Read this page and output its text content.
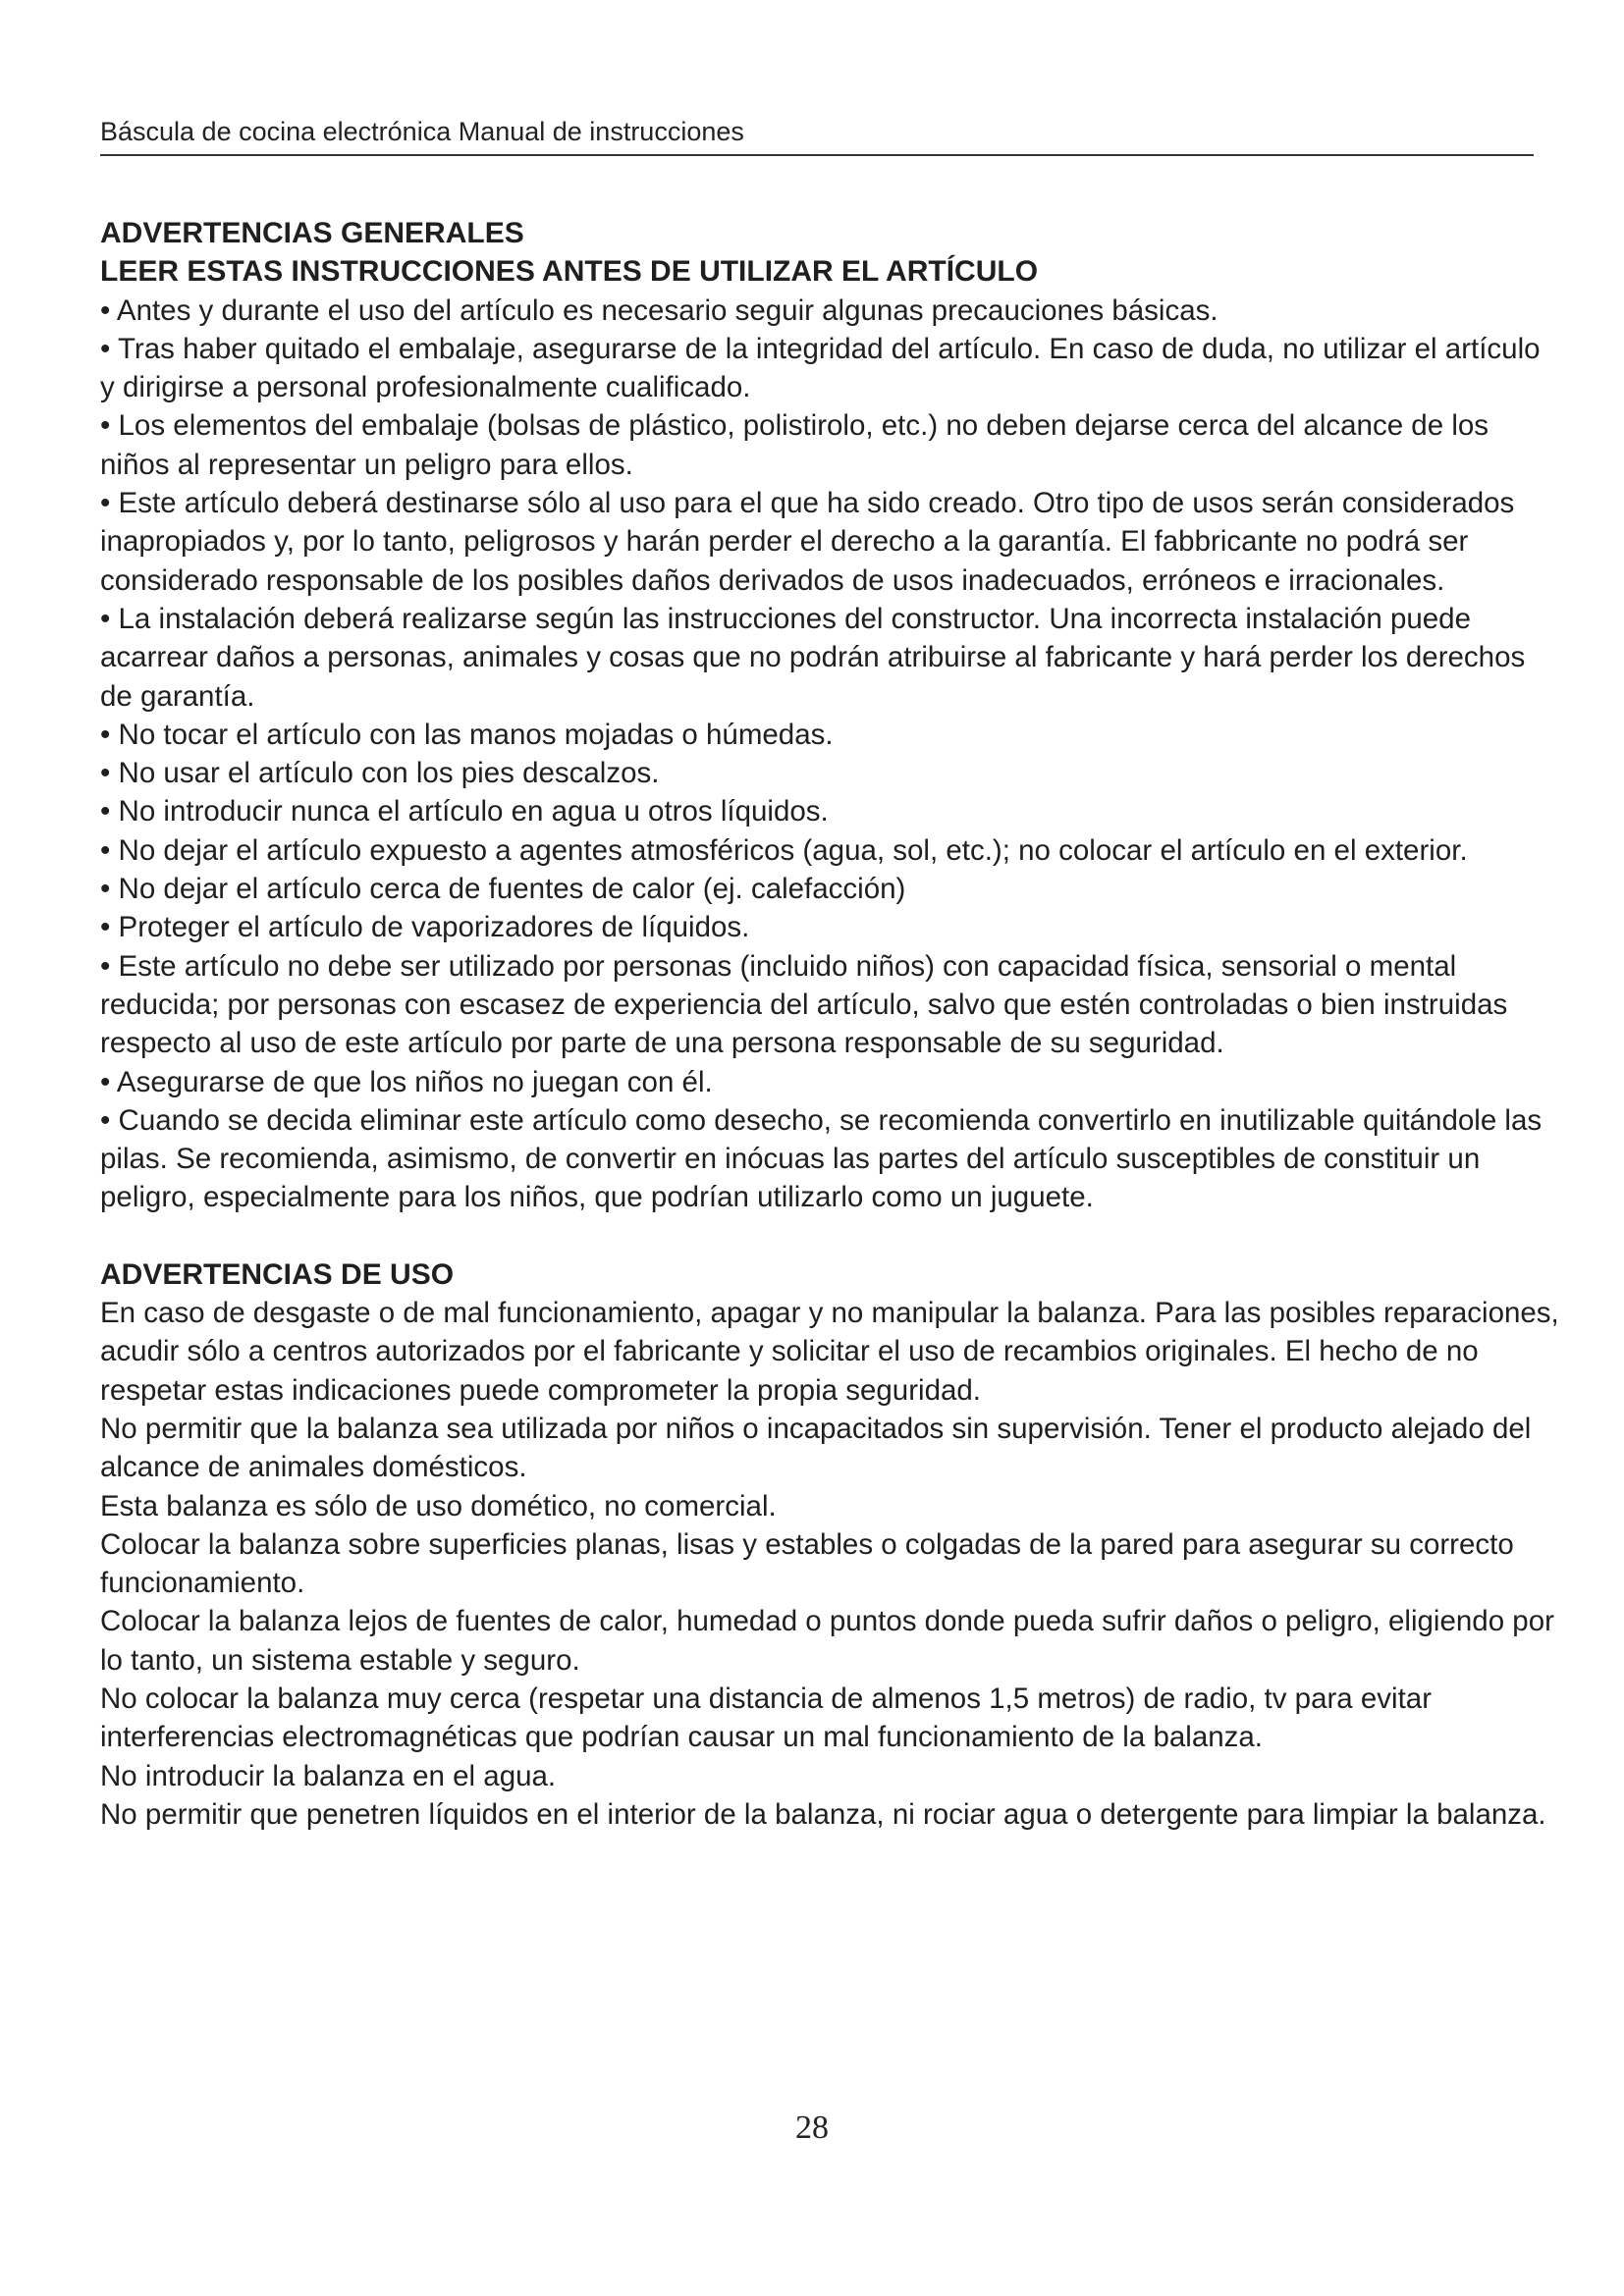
Báscula de cocina electrónica Manual de instrucciones

ADVERTENCIAS GENERALES

LEER ESTAS INSTRUCCIONES ANTES DE UTILIZAR EL ARTÍCULO

• Antes y durante el uso del artículo es necesario seguir algunas precauciones básicas.

• Tras haber quitado el embalaje, asegurarse de la integridad del artículo. En caso de duda, no utilizar el artículo y dirigirse a personal profesionalmente cualificado.

• Los elementos del embalaje (bolsas de plástico, polistirolo, etc.) no deben dejarse cerca del alcance de los niños al representar un peligro para ellos.

• Este artículo deberá destinarse sólo al uso para el que ha sido creado. Otro tipo de usos serán considerados inapropiados y, por lo tanto, peligrosos y harán perder el derecho a la garantía. El fabbricante no podrá ser considerado responsable de los posibles daños derivados de usos inadecuados, erróneos e irracionales.

• La instalación deberá realizarse según las instrucciones del constructor. Una incorrecta instalación puede acarrear daños a personas, animales y cosas que no podrán atribuirse al fabricante y hará perder los derechos de garantía.

• No tocar el artículo con las manos mojadas o húmedas.

• No usar el artículo con los pies descalzos.

• No introducir nunca el artículo en agua u otros líquidos.

• No dejar el artículo expuesto a agentes atmosféricos (agua, sol, etc.); no colocar el artículo en el exterior.

• No dejar el artículo cerca de fuentes de calor (ej. calefacción)

• Proteger el artículo de vaporizadores de líquidos.

• Este artículo no debe ser utilizado por personas (incluido niños) con capacidad física, sensorial o mental reducida; por personas con escasez de experiencia del artículo, salvo que estén controladas o bien instruidas respecto al uso de este artículo por parte de una persona responsable de su seguridad.

• Asegurarse de que los niños no juegan con él.

• Cuando se decida eliminar este artículo como desecho, se recomienda convertirlo en inutilizable quitándole las pilas. Se recomienda, asimismo, de convertir en inócuas las partes del artículo susceptibles de constituir un peligro, especialmente para los niños, que podrían utilizarlo como un juguete.

ADVERTENCIAS DE USO

En caso de desgaste o de mal funcionamiento, apagar y no manipular la balanza. Para las posibles reparaciones, acudir sólo a centros autorizados por el fabricante y solicitar el uso de recambios originales. El hecho de no respetar estas indicaciones puede comprometer la propia seguridad.

No permitir que la balanza sea utilizada por niños o incapacitados sin supervisión. Tener el producto alejado del alcance de animales domésticos.

Esta balanza es sólo de uso domético, no comercial.

Colocar la balanza sobre superficies planas, lisas y estables o colgadas de la pared para asegurar su correcto funcionamiento.

Colocar la balanza lejos de fuentes de calor, humedad o puntos donde pueda sufrir daños o peligro, eligiendo por lo tanto, un sistema estable y seguro.

No colocar la balanza muy cerca (respetar una distancia de almenos 1,5 metros) de radio, tv para evitar interferencias electromagnéticas que podrían causar un mal funcionamiento de la balanza.

No introducir la balanza en el agua.

No permitir que penetren líquidos en el interior de la balanza, ni rociar agua o detergente para limpiar la balanza.

28
